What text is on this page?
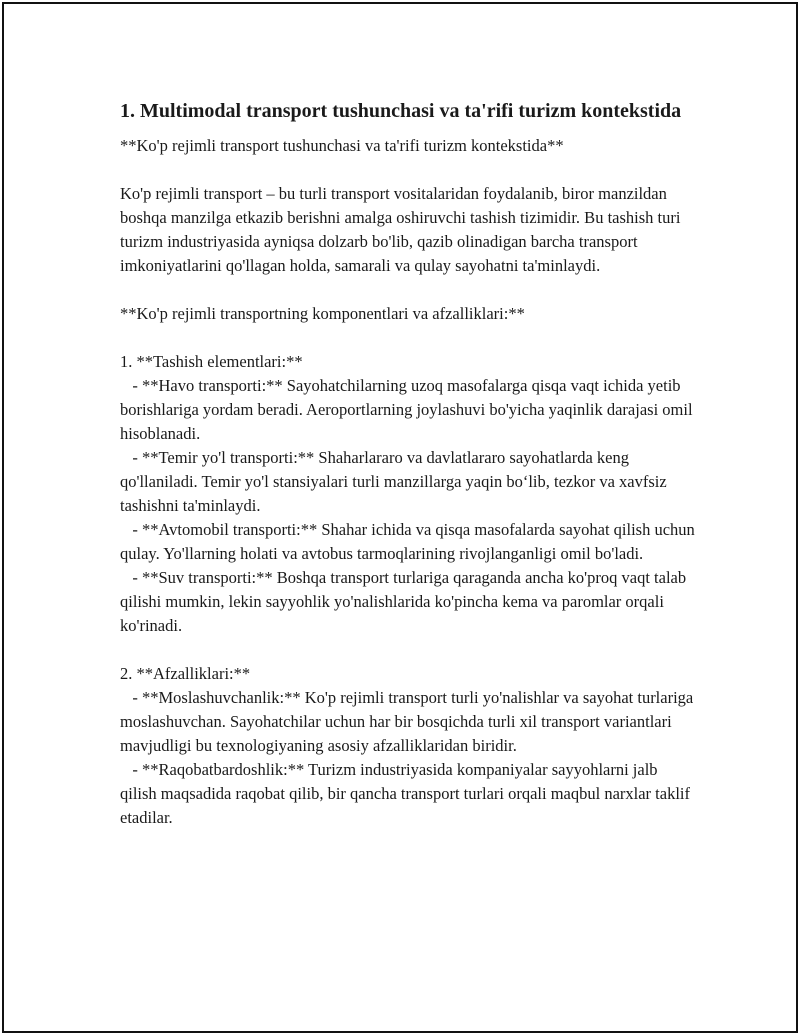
1. Multimodal transport tushunchasi va ta'rifi turizm kontekstida

**Ko'p rejimli transport tushunchasi va ta'rifi turizm kontekstida**

Ko'p rejimli transport – bu turli transport vositalaridan foydalanib, biror manzildan boshqa manzilga etkazib berishni amalga oshiruvchi tashish tizimidir. Bu tashish turi turizm industriyasida ayniqsa dolzarb bo'lib, qazib olinadigan barcha transport imkoniyatlarini qo'llagan holda, samarali va qulay sayohatni ta'minlaydi.

**Ko'p rejimli transportning komponentlari va afzalliklari:**

1. **Tashish elementlari:**

- **Havo transporti:** Sayohatchilarning uzoq masofalarga qisqa vaqt ichida yetib borishlariga yordam beradi. Aeroportlarning joylashuvi bo'yicha yaqinlik darajasi omil hisoblanadi.

- **Temir yo'l transporti:** Shaharlararo va davlatlararo sayohatlarda keng qo'llaniladi. Temir yo'l stansiyalari turli manzillarga yaqin bo‘lib, tezkor va xavfsiz tashishni ta'minlaydi.

- **Avtomobil transporti:** Shahar ichida va qisqa masofalarda sayohat qilish uchun qulay. Yo'llarning holati va avtobus tarmoqlarining rivojlanganligi omil bo'ladi.

- **Suv transporti:** Boshqa transport turlariga qaraganda ancha ko'proq vaqt talab qilishi mumkin, lekin sayyohlik yo'nalishlarida ko'pincha kema va paromlar orqali ko'rinadi.

2. **Afzalliklari:**

- **Moslashuvchanlik:** Ko'p rejimli transport turli yo'nalishlar va sayohat turlariga moslashuvchan. Sayohatchilar uchun har bir bosqichda turli xil transport variantlari mavjudligi bu texnologiyaning asosiy afzalliklaridan biridir.

- **Raqobatbardoshlik:** Turizm industriyasida kompaniyalar sayyohlarni jalb qilish maqsadida raqobat qilib, bir qancha transport turlari orqali maqbul narxlar taklif etadilar.
